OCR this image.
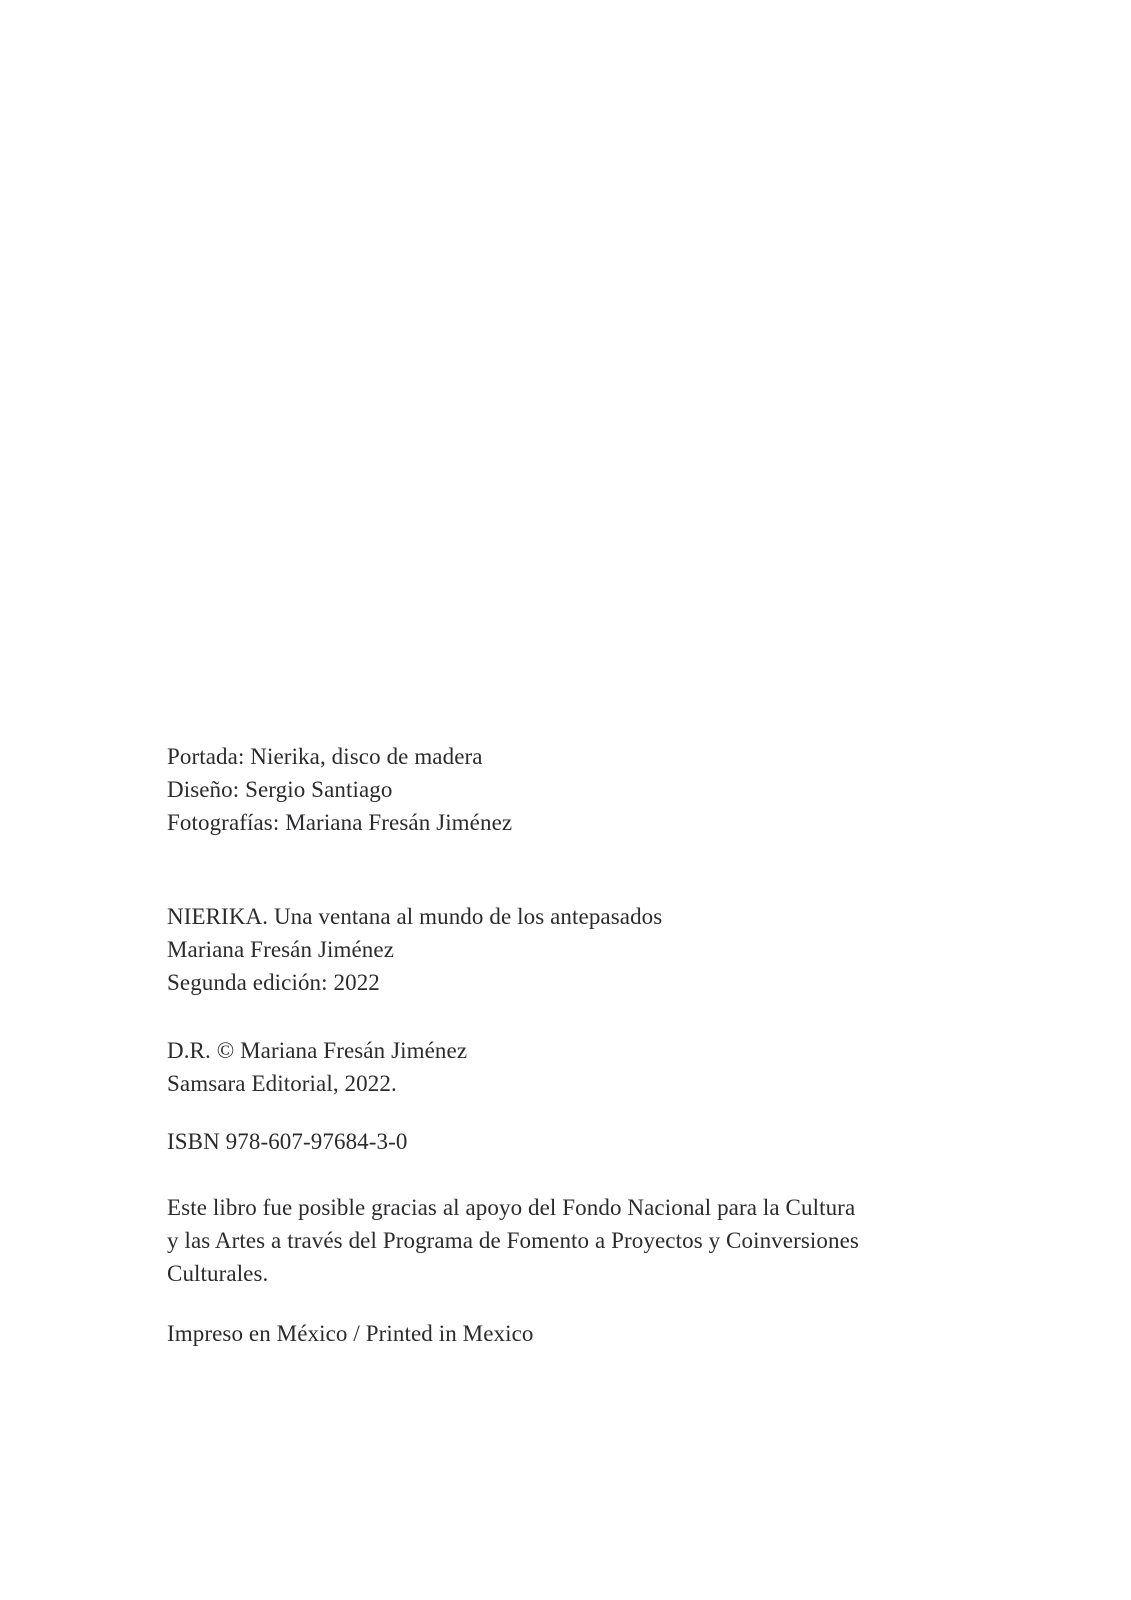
Portada: Nierika, disco de madera

Diseño: Sergio Santiago

Fotografías: Mariana Fresán Jiménez

NIERIKA. Una ventana al mundo de los antepasados

Mariana Fresán Jiménez

Segunda edición: 2022

D.R. © Mariana Fresán Jiménez

Samsara Editorial, 2022.

ISBN 978-607-97684-3-0

Este libro fue posible gracias al apoyo del Fondo Nacional para la Cultura

y las Artes a través del Programa de Fomento a Proyectos y Coinversiones

Culturales.

Impreso en México / Printed in Mexico
